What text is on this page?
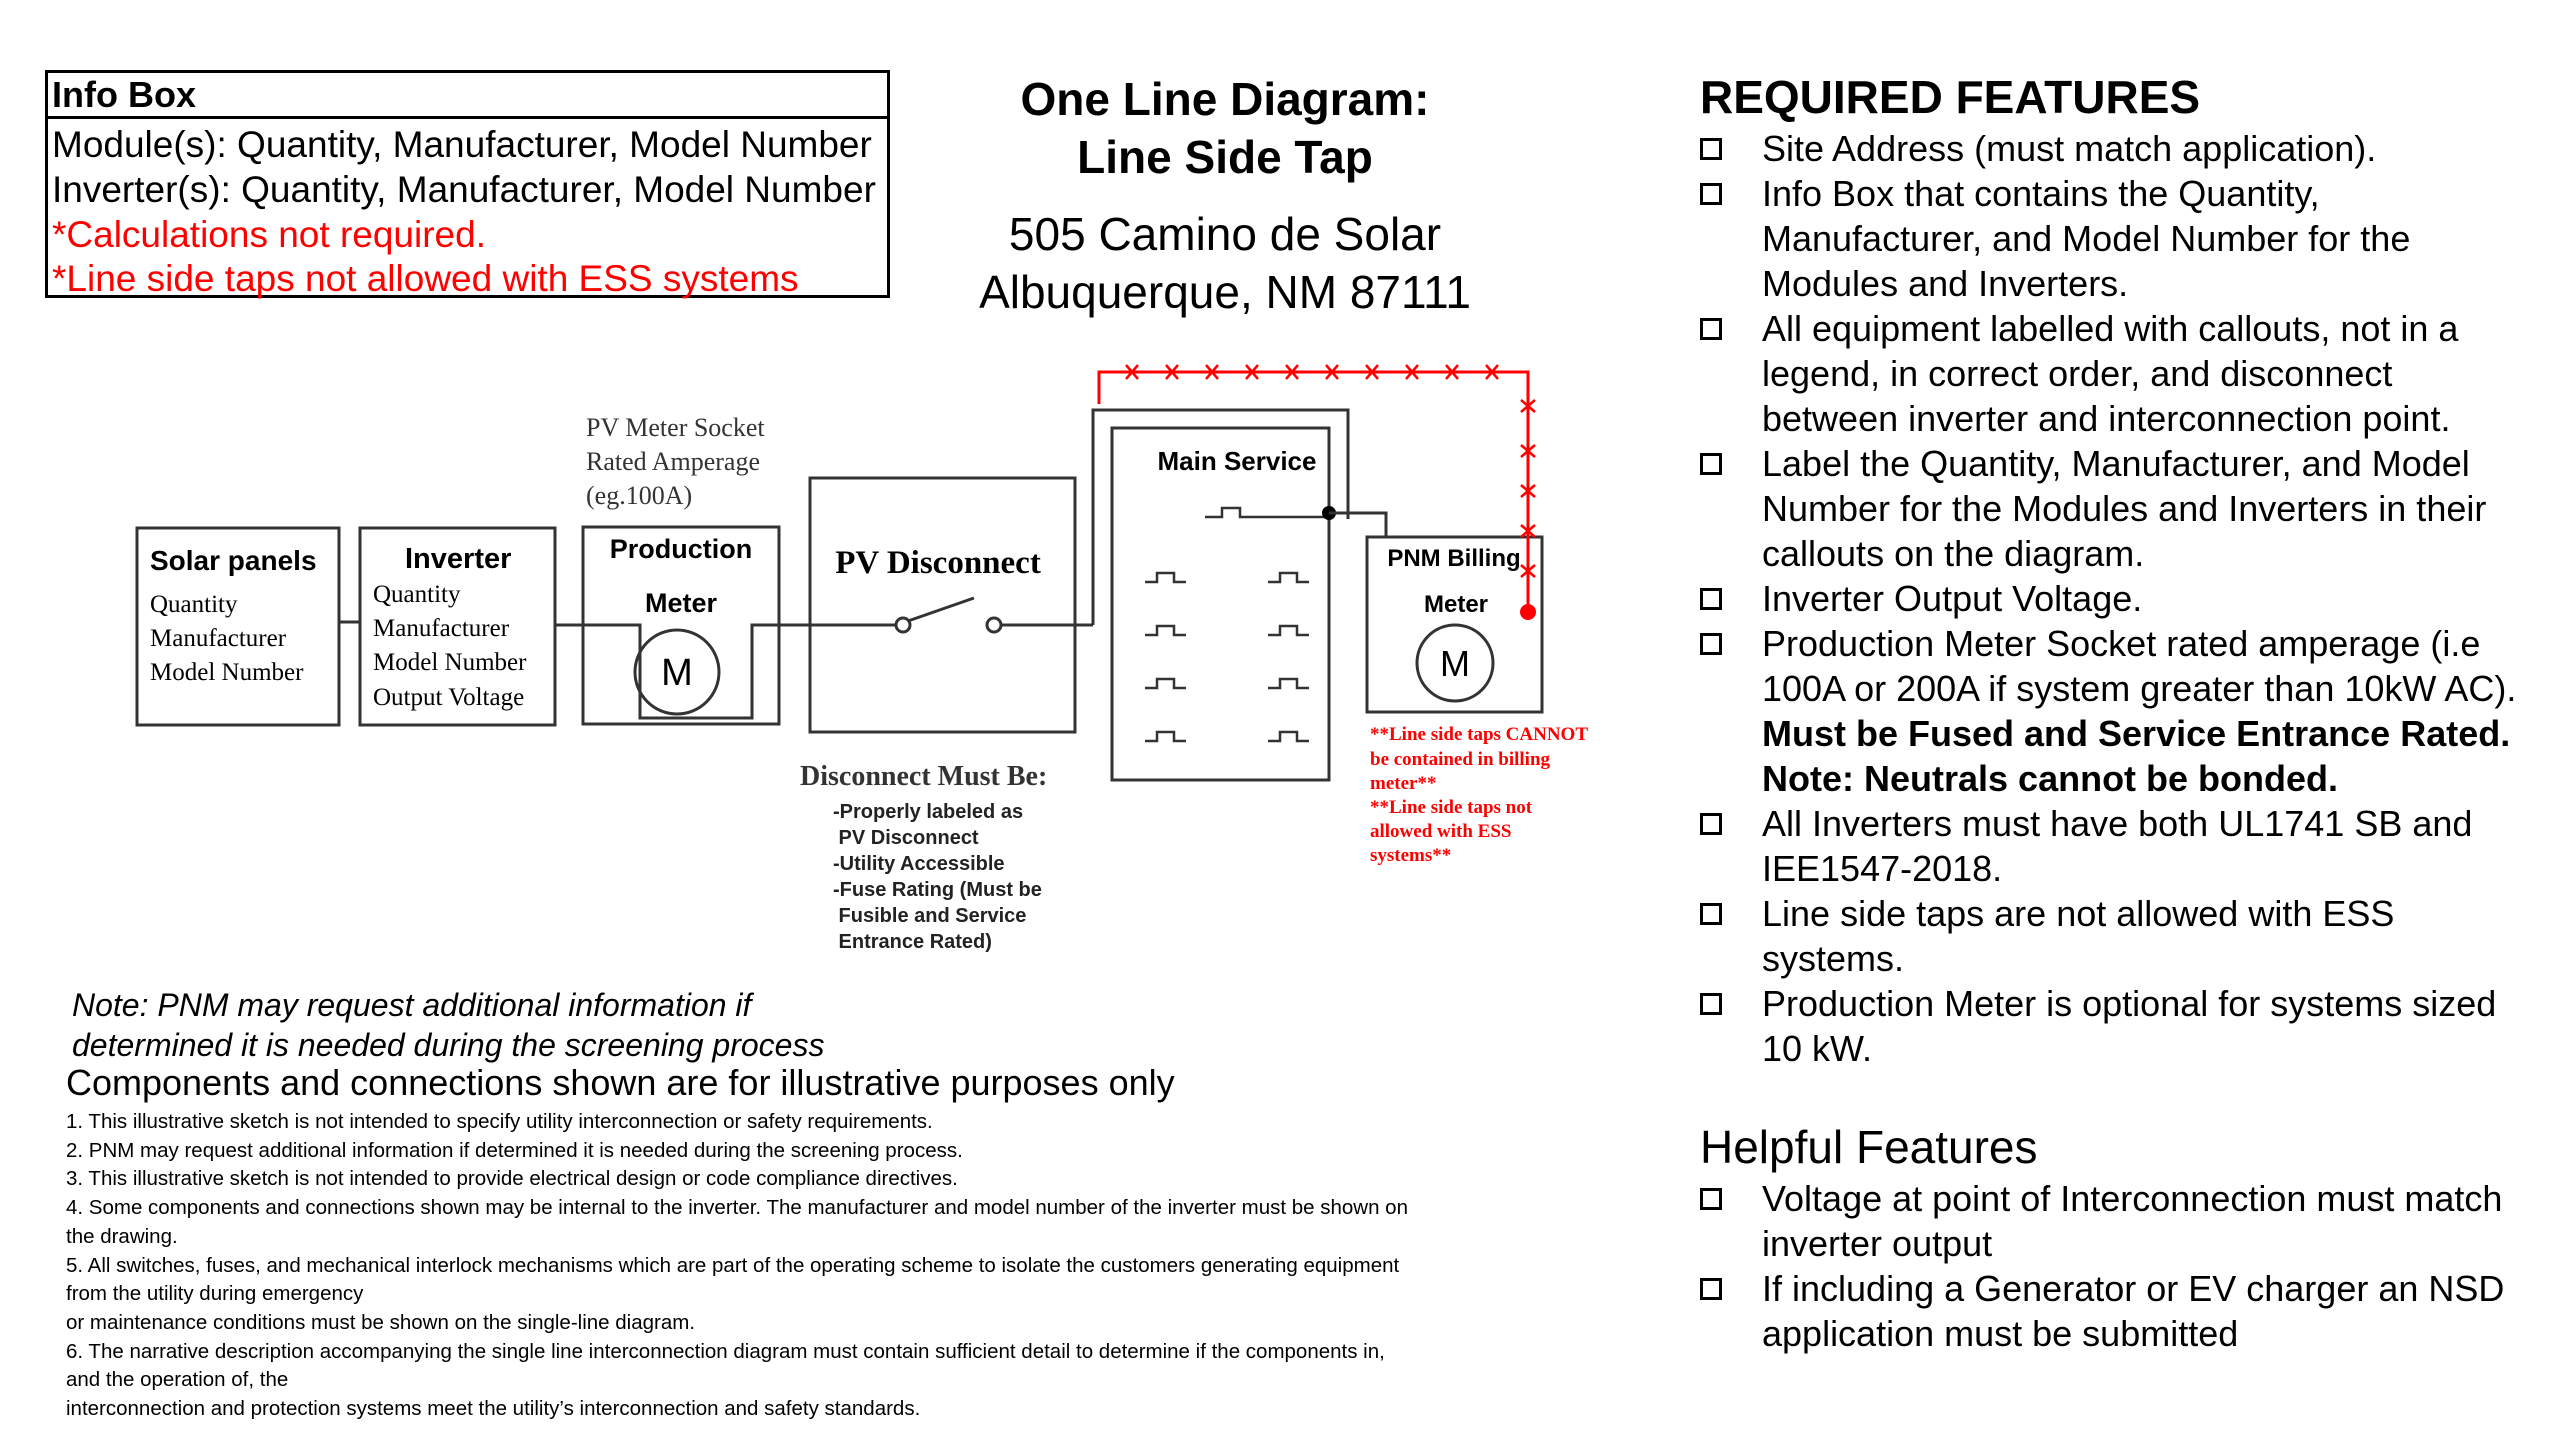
Info Box
Module(s): Quantity, Manufacturer, Model Number
Inverter(s): Quantity, Manufacturer, Model Number
*Calculations not required.
*Line side taps not allowed with ESS systems
One Line Diagram:
Line Side Tap
505 Camino de Solar
Albuquerque, NM 87111
REQUIRED FEATURES
Site Address (must match application).
Info Box that contains the Quantity,
Manufacturer, and Model Number for the
Modules and Inverters.
All equipment labelled with callouts, not in a
legend, in correct order, and disconnect
between inverter and interconnection point.
Label the Quantity, Manufacturer, and Model
Number for the Modules and Inverters in their
callouts on the diagram.
Inverter Output Voltage.
Production Meter Socket rated amperage (i.e
100A or 200A if system greater than 10kW AC).
Must be Fused and Service Entrance Rated.
Note: Neutrals cannot be bonded.
All Inverters must have both UL1741 SB and
IEE1547-2018.
Line side taps are not allowed with ESS
systems.
Production Meter is optional for systems sized
10 kW.
Helpful Features
Voltage at point of Interconnection must match
inverter output
If including a Generator or EV charger an NSD
application must be submitted
Solar panels
Quantity
Manufacturer
Model Number
Inverter
Quantity
Manufacturer
Model Number
Output Voltage
PV Meter Socket
Rated Amperage
(eg.100A)
Production
Meter
M
PV Disconnect
Main Service
PNM Billing
Meter
M
**Line side taps CANNOT
be contained in billing
meter**
**Line side taps not
allowed with ESS
systems**
Disconnect Must Be:
-Properly labeled as
PV Disconnect
-Utility Accessible
-Fuse Rating (Must be
Fusible and Service
Entrance Rated)
Note: PNM may request additional information if
determined it is needed during the screening process
Components and connections shown are for illustrative purposes only
1. This illustrative sketch is not intended to specify utility interconnection or safety requirements.
2. PNM may request additional information if determined it is needed during the screening process.
3. This illustrative sketch is not intended to provide electrical design or code compliance directives.
4. Some components and connections shown may be internal to the inverter. The manufacturer and model number of the inverter must be shown on
the drawing.
5. All switches, fuses, and mechanical interlock mechanisms which are part of the operating scheme to isolate the customers generating equipment
from the utility during emergency
or maintenance conditions must be shown on the single-line diagram.
6. The narrative description accompanying the single line interconnection diagram must contain sufficient detail to determine if the components in,
and the operation of, the
interconnection and protection systems meet the utility’s interconnection and safety standards.
